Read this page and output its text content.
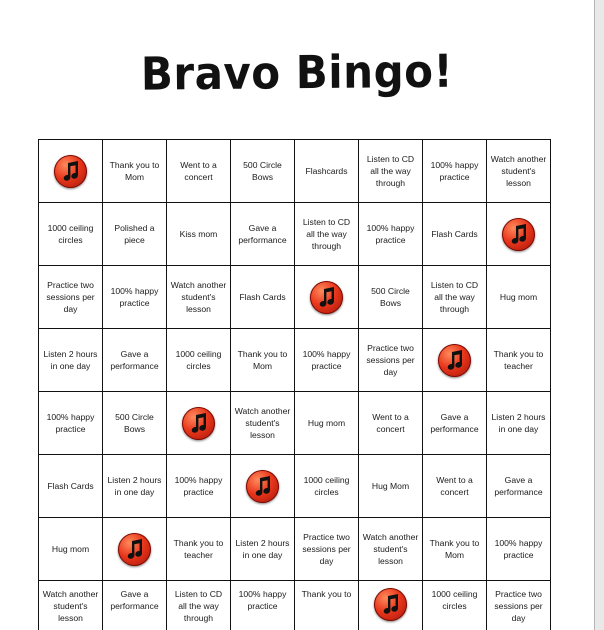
Bravo Bingo!
	Thank you to Mom	Went to a concert	500 Circle Bows	Flashcards	Listen to CD all the way through	100% happy practice	Watch another student's lesson
1000 ceiling circles	Polished a piece	Kiss mom	Gave a performance	Listen to CD all the way through	100% happy practice	Flash Cards	

Practice two sessions per day	100% happy practice	Watch another student's lesson	Flash Cards		500 Circle Bows	Listen to CD all the way through	Hug mom
Listen 2 hours in one day	Gave a performance	1000 ceiling circles	Thank you to Mom	100% happy practice	Practice two sessions per day		Thank you to teacher
100% happy practice	500 Circle Bows		Watch another student's lesson	Hug mom	Went to a concert	Gave a performance	Listen 2 hours in one day
Flash Cards	Listen 2 hours in one day	100% happy practice		1000 ceiling circles	Hug Mom	Went to a concert	Gave a performance
Hug mom		Thank you to teacher	Listen 2 hours in one day	Practice two sessions per day	Watch another student's lesson	Thank you to Mom	100% happy practice
Watch another student's lesson	Gave a performance	Listen to CD all the way through	100% happy practice	Thank you to		1000 ceiling circles	Practice two sessions per day
